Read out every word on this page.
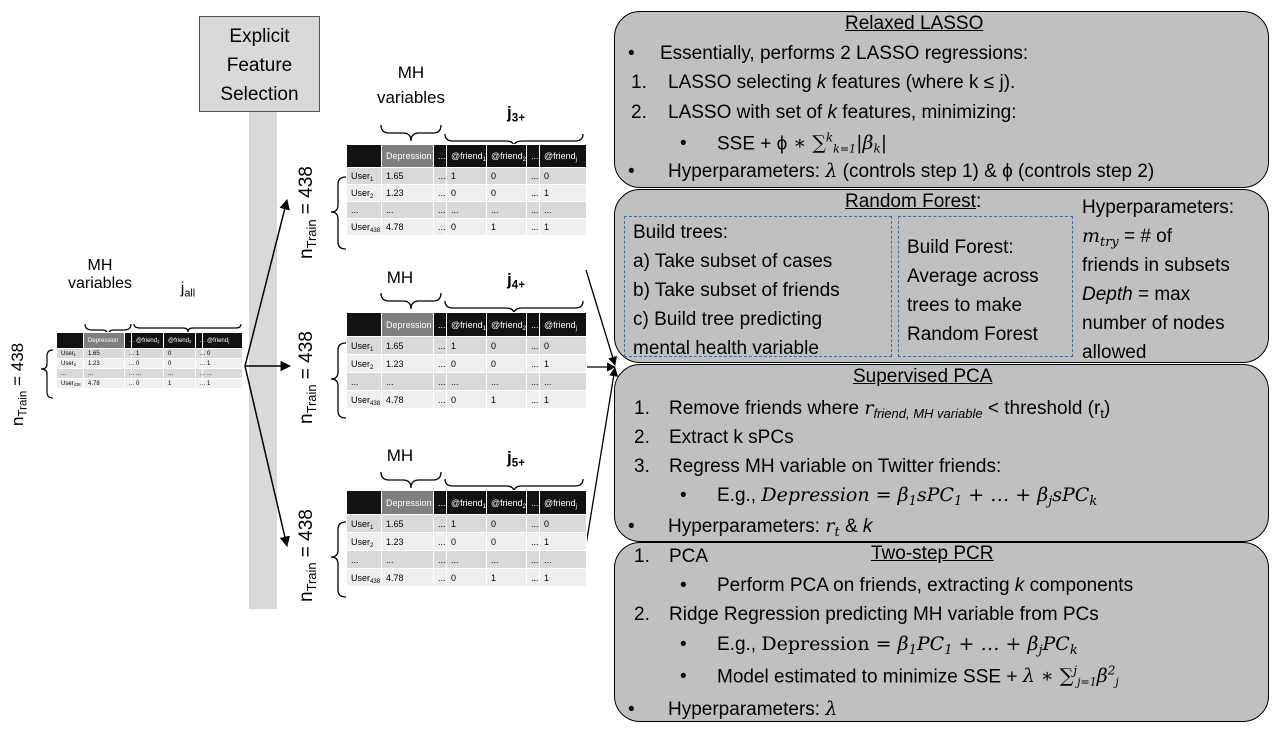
MH variables	$j_{all}$
$n_{Train} = 438$
	Depression	...	@friend$_1$	@friend$_2$	...	@friend$_j$
User$_1$	1.65	...	1	0	...	0
User$_2$	1.23	...	0	0	...	1
...	...	...	...	...	...	...
User$_{438}$	4.78	...	0	1	...	1
Explicit Feature Selection
MH variables
$j_{3+}$
$n_{Train} = 438$
	Depression	...	@friend$_1$	@friend$_2$	...	@friend$_j$
User$_1$	1.65	...	1	0	...	0
User$_2$	1.23	...	0	0	...	1
...	...	...	...	...	...	...
User$_{438}$	4.78	...	0	1	...	1
MH	$j_{4+}$
$n_{Train} = 438$
	Depression	...	@friend$_1$	@friend$_2$	...	@friend$_j$
User$_1$	1.65	...	1	0	...	0
User$_2$	1.23	...	0	0	...	1
...	...	...	...	...	...	...
User$_{438}$	4.78	...	0	1	...	1
MH	$j_{5+}$
$n_{Train} = 438$
	Depression	...	@friend$_1$	@friend$_2$	...	@friend$_j$
User$_1$	1.65	...	1	0	...	0
User$_2$	1.23	...	0	0	...	1
...	...	...	...	...	...	...
User$_{438}$	4.78	...	0	1	...	1
Relaxed LASSO
• Essentially, performs 2 LASSO regressions:
1. LASSO selecting k features (where k ≤ j).
2. LASSO with set of k features, minimizing:
• SSE + ϕ ∗ $\sum^k_{k=1}|\beta_k|$
• Hyperparameters: λ (controls step 1) & ϕ (controls step 2)
Random Forest:
Build trees:
a) Take subset of cases
b) Take subset of friends
c) Build tree predicting
mental health variable
Build Forest:
Average across
trees to make
Random Forest
Hyperparameters:
$m_{try}$ = # of
friends in subsets
Depth = max
number of nodes
allowed
Supervised PCA
1. Remove friends where $r_{friend, MH variable}$ < threshold $(r_t)$
2. Extract k sPCs
3. Regress MH variable on Twitter friends:
• E.g., Depression = $\beta_1sPC_1$ + … + $\beta_jsPC_k$
• Hyperparameters: $r_t$ & k
Two-step PCR
1. PCA
• Perform PCA on friends, extracting k components
2. Ridge Regression predicting MH variable from PCs
• E.g., Depression = $\beta_1PC_1$ + … + $\beta_jPC_k$
• Model estimated to minimize SSE + λ ∗ $\sum^j_{j=1}\beta^2_j$
• Hyperparameters: λ
